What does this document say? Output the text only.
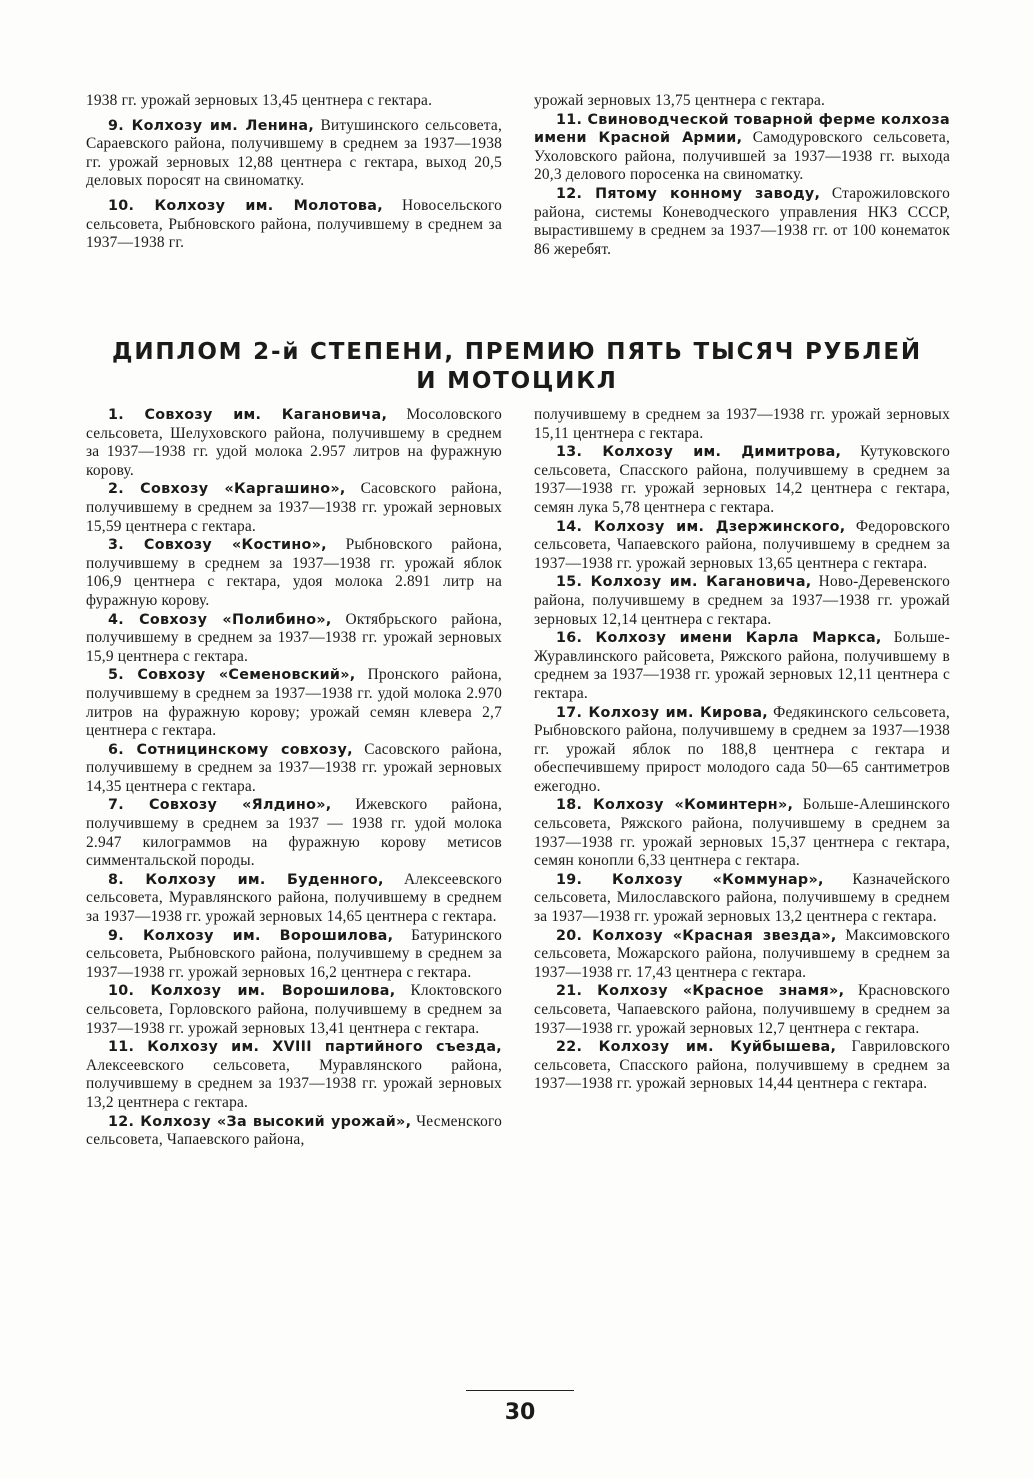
1938 гг. урожай зерновых 13,45 центнера с гектара.

9. Колхозу им. Ленина, Витушинского сельсовета, Сараевского района, получившему в среднем за 1937—1938 гг. урожай зерновых 12,88 центнера с гектара, выход 20,5 деловых поросят на свиноматку.

10. Колхозу им. Молотова, Новосельского сельсовета, Рыбновского района, получившему в среднем за 1937—1938 гг.

урожай зерновых 13,75 центнера с гектара.

11. Свиноводческой товарной ферме колхоза имени Красной Армии, Самодуровского сельсовета, Ухоловского района, получившей за 1937—1938 гг. выхода 20,3 делового поросенка на свиноматку.

12. Пятому конному заводу, Старожиловского района, системы Коневодческого управления НКЗ СССР, вырастившему в среднем за 1937—1938 гг. от 100 конематок 86 жеребят.

ДИПЛОМ 2-й СТЕПЕНИ, ПРЕМИЮ ПЯТЬ ТЫСЯЧ РУБЛЕЙ
И МОТОЦИКЛ

1. Совхозу им. Кагановича, Мосоловского сельсовета, Шелуховского района, получившему в среднем за 1937—1938 гг. удой молока 2.957 литров на фуражную корову.

2. Совхозу «Каргашино», Сасовского района, получившему в среднем за 1937—1938 гг. урожай зерновых 15,59 центнера с гектара.

3. Совхозу «Костино», Рыбновского района, получившему в среднем за 1937—1938 гг. урожай яблок 106,9 центнера с гектара, удоя молока 2.891 литр на фуражную корову.

4. Совхозу «Полибино», Октябрьского района, получившему в среднем за 1937—1938 гг. урожай зерновых 15,9 центнера с гектара.

5. Совхозу «Семеновский», Пронского района, получившему в среднем за 1937—1938 гг. удой молока 2.970 литров на фуражную корову; урожай семян клевера 2,7 центнера с гектара.

6. Сотницинскому совхозу, Сасовского района, получившему в среднем за 1937—1938 гг. урожай зерновых 14,35 центнера с гектара.

7. Совхозу «Ялдино», Ижевского района, получившему в среднем за 1937 — 1938 гг. удой молока 2.947 килограммов на фуражную корову метисов симментальской породы.

8. Колхозу им. Буденного, Алексеевского сельсовета, Муравлянского района, получившему в среднем за 1937—1938 гг. урожай зерновых 14,65 центнера с гектара.

9. Колхозу им. Ворошилова, Батуринского сельсовета, Рыбновского района, получившему в среднем за 1937—1938 гг. урожай зерновых 16,2 центнера с гектара.

10. Колхозу им. Ворошилова, Клоктовского сельсовета, Горловского района, получившему в среднем за 1937—1938 гг. урожай зерновых 13,41 центнера с гектара.

11. Колхозу им. XVIII партийного съезда, Алексеевского сельсовета, Муравлянского района, получившему в среднем за 1937—1938 гг. урожай зерновых 13,2 центнера с гектара.

12. Колхозу «За высокий урожай», Чесменского сельсовета, Чапаевского района,

получившему в среднем за 1937—1938 гг. урожай зерновых 15,11 центнера с гектара.

13. Колхозу им. Димитрова, Кутуковского сельсовета, Спасского района, получившему в среднем за 1937—1938 гг. урожай зерновых 14,2 центнера с гектара, семян лука 5,78 центнера с гектара.

14. Колхозу им. Дзержинского, Федоровского сельсовета, Чапаевского района, получившему в среднем за 1937—1938 гг. урожай зерновых 13,65 центнера с гектара.

15. Колхозу им. Кагановича, Ново-Деревенского района, получившему в среднем за 1937—1938 гг. урожай зерновых 12,14 центнера с гектара.

16. Колхозу имени Карла Маркса, Больше-Журавлинского райсовета, Ряжского района, получившему в среднем за 1937—1938 гг. урожай зерновых 12,11 центнера с гектара.

17. Колхозу им. Кирова, Федякинского сельсовета, Рыбновского района, получившему в среднем за 1937—1938 гг. урожай яблок по 188,8 центнера с гектара и обеспечившему прирост молодого сада 50—65 сантиметров ежегодно.

18. Колхозу «Коминтерн», Больше-Алешинского сельсовета, Ряжского района, получившему в среднем за 1937—1938 гг. урожай зерновых 15,37 центнера с гектара, семян конопли 6,33 центнера с гектара.

19. Колхозу «Коммунар», Казначейского сельсовета, Милославского района, получившему в среднем за 1937—1938 гг. урожай зерновых 13,2 центнера с гектара.

20. Колхозу «Красная звезда», Максимовского сельсовета, Можарского района, получившему в среднем за 1937—1938 гг. 17,43 центнера с гектара.

21. Колхозу «Красное знамя», Красновского сельсовета, Чапаевского района, получившему в среднем за 1937—1938 гг. урожай зерновых 12,7 центнера с гектара.

22. Колхозу им. Куйбышева, Гавриловского сельсовета, Спасского района, получившему в среднем за 1937—1938 гг. урожай зерновых 14,44 центнера с гектара.

30
